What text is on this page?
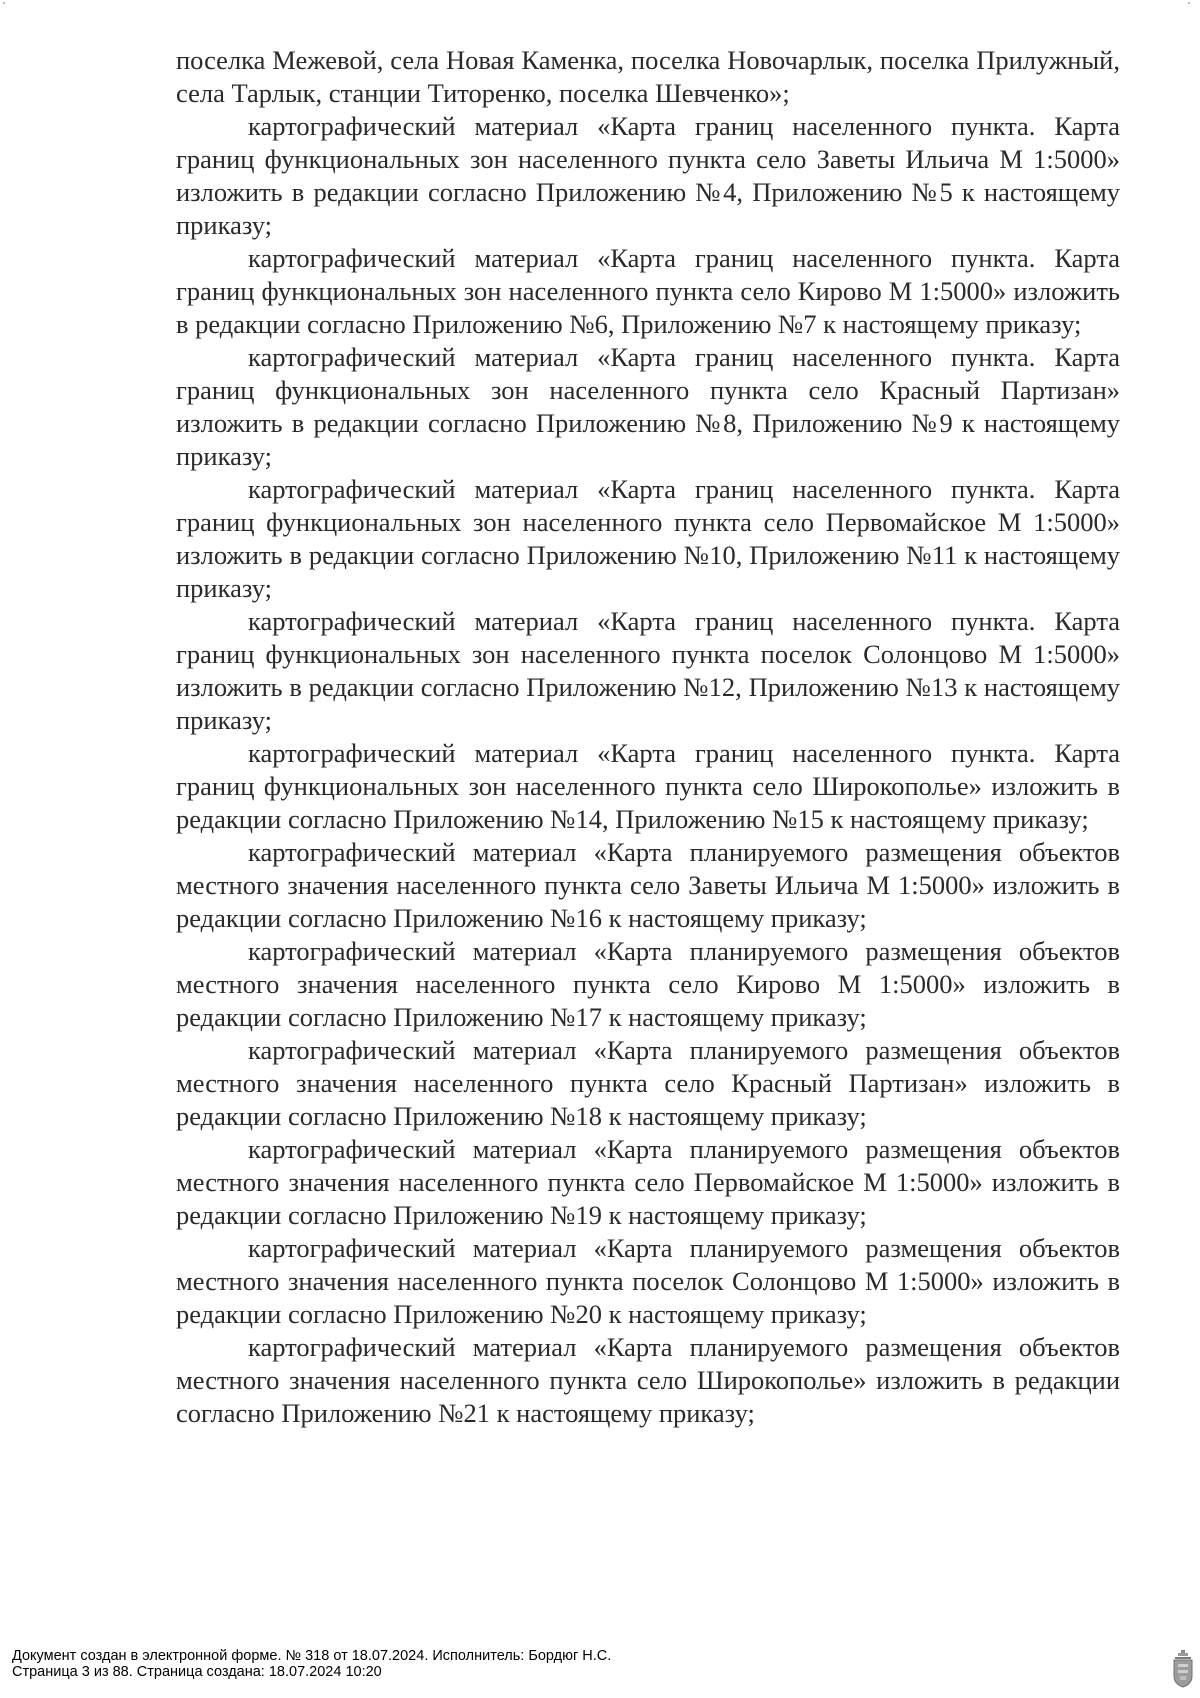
поселка Межевой, села Новая Каменка, поселка Новочарлык, поселка Прилужный, села Тарлык, станции Титоренко, поселка Шевченко»;

картографический материал «Карта границ населенного пункта. Карта границ функциональных зон населенного пункта село Заветы Ильича М 1:5000» изложить в редакции согласно Приложению №4, Приложению №5 к настоящему приказу;

картографический материал «Карта границ населенного пункта. Карта границ функциональных зон населенного пункта село Кирово М 1:5000» изложить в редакции согласно Приложению №6, Приложению №7 к настоящему приказу;

картографический материал «Карта границ населенного пункта. Карта границ функциональных зон населенного пункта село Красный Партизан» изложить в редакции согласно Приложению №8, Приложению №9 к настоящему приказу;

картографический материал «Карта границ населенного пункта. Карта границ функциональных зон населенного пункта село Первомайское М 1:5000» изложить в редакции согласно Приложению №10, Приложению №11 к настоящему приказу;

картографический материал «Карта границ населенного пункта. Карта границ функциональных зон населенного пункта поселок Солонцово М 1:5000» изложить в редакции согласно Приложению №12, Приложению №13 к настоящему приказу;

картографический материал «Карта границ населенного пункта. Карта границ функциональных зон населенного пункта село Широкополье» изложить в редакции согласно Приложению №14, Приложению №15 к настоящему приказу;

картографический материал «Карта планируемого размещения объектов местного значения населенного пункта село Заветы Ильича М 1:5000» изложить в редакции согласно Приложению №16 к настоящему приказу;

картографический материал «Карта планируемого размещения объектов местного значения населенного пункта село Кирово М 1:5000» изложить в редакции согласно Приложению №17 к настоящему приказу;

картографический материал «Карта планируемого размещения объектов местного значения населенного пункта село Красный Партизан» изложить в редакции согласно Приложению №18 к настоящему приказу;

картографический материал «Карта планируемого размещения объектов местного значения населенного пункта село Первомайское М 1:5000» изложить в редакции согласно Приложению №19 к настоящему приказу;

картографический материал «Карта планируемого размещения объектов местного значения населенного пункта поселок Солонцово М 1:5000» изложить в редакции согласно Приложению №20 к настоящему приказу;

картографический материал «Карта планируемого размещения объектов местного значения населенного пункта село Широкополье» изложить в редакции согласно Приложению №21 к настоящему приказу;

Документ создан в электронной форме. № 318 от 18.07.2024. Исполнитель: Бордюг Н.С.
Страница 3 из 88. Страница создана: 18.07.2024 10:20
